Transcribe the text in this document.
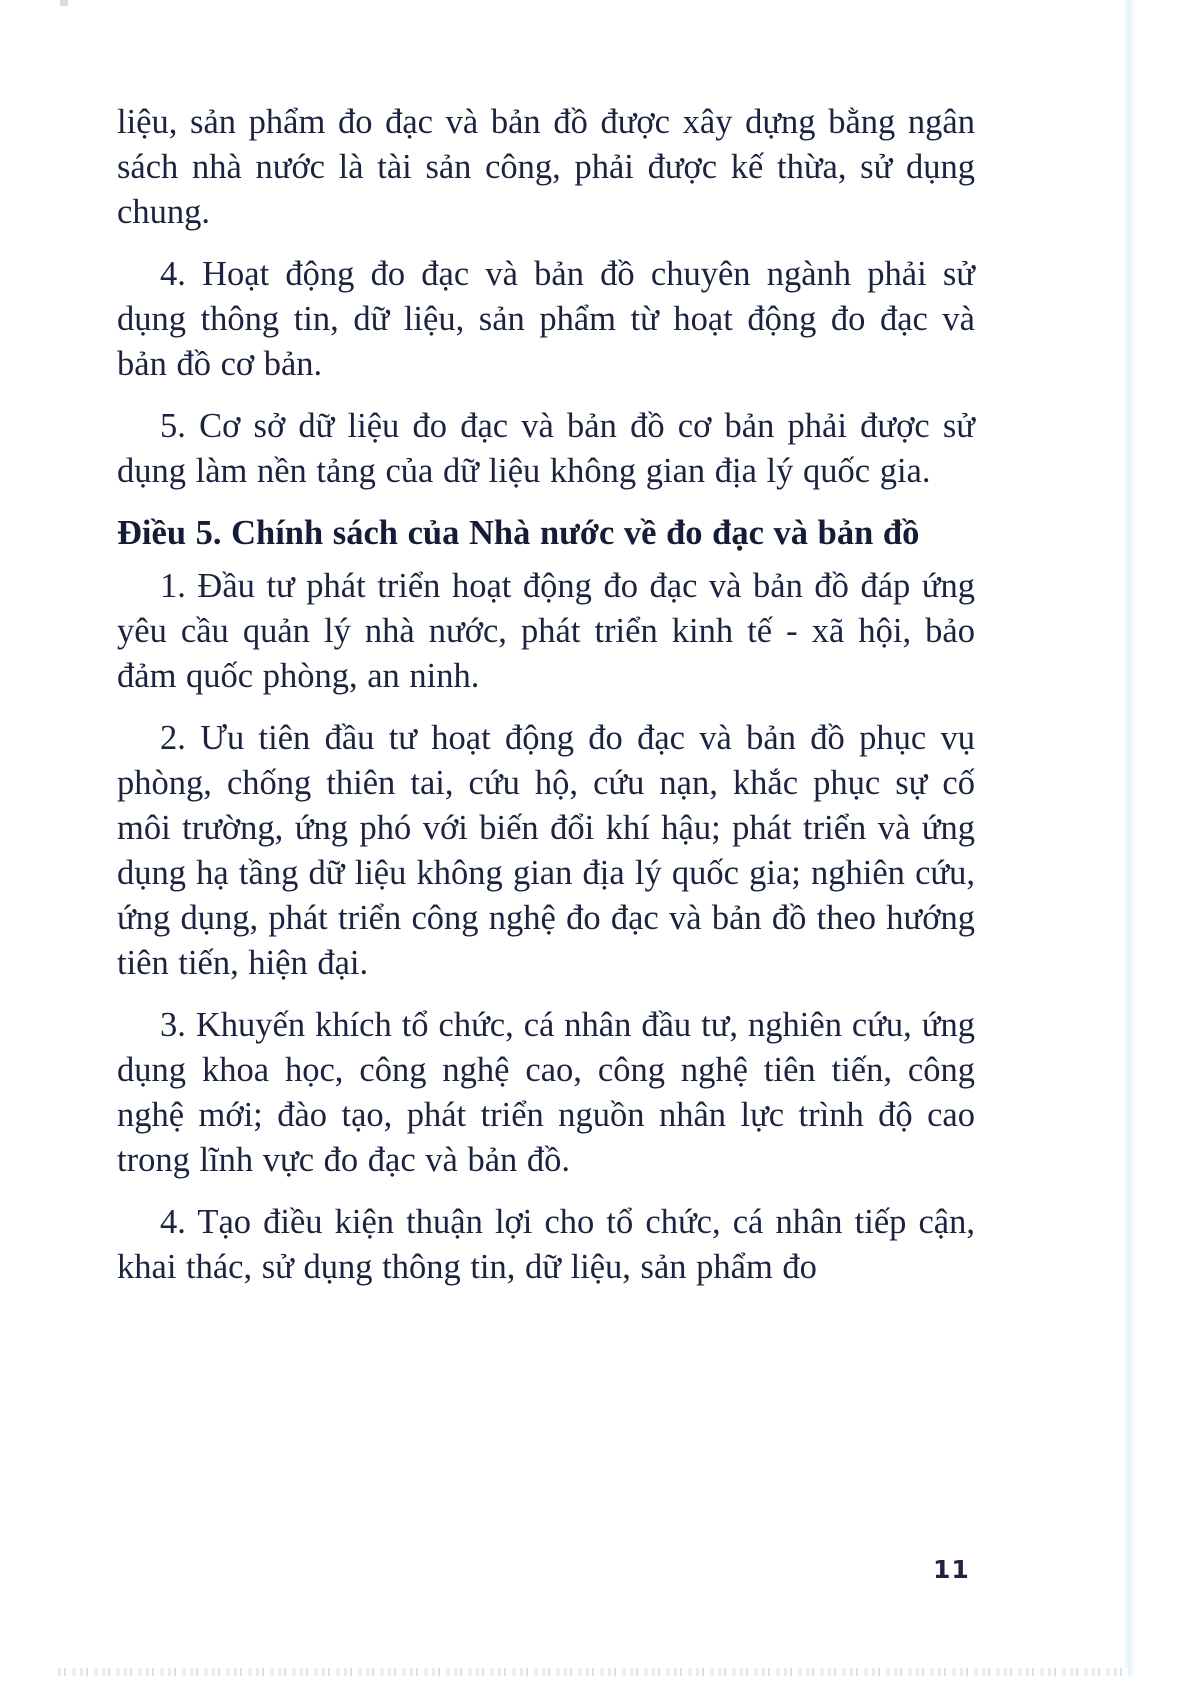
liệu, sản phẩm đo đạc và bản đồ được xây dựng bằng ngân sách nhà nước là tài sản công, phải được kế thừa, sử dụng chung.

4. Hoạt động đo đạc và bản đồ chuyên ngành phải sử dụng thông tin, dữ liệu, sản phẩm từ hoạt động đo đạc và bản đồ cơ bản.

5. Cơ sở dữ liệu đo đạc và bản đồ cơ bản phải được sử dụng làm nền tảng của dữ liệu không gian địa lý quốc gia.

Điều 5. Chính sách của Nhà nước về đo đạc và bản đồ

1. Đầu tư phát triển hoạt động đo đạc và bản đồ đáp ứng yêu cầu quản lý nhà nước, phát triển kinh tế - xã hội, bảo đảm quốc phòng, an ninh.

2. Ưu tiên đầu tư hoạt động đo đạc và bản đồ phục vụ phòng, chống thiên tai, cứu hộ, cứu nạn, khắc phục sự cố môi trường, ứng phó với biến đổi khí hậu; phát triển và ứng dụng hạ tầng dữ liệu không gian địa lý quốc gia; nghiên cứu, ứng dụng, phát triển công nghệ đo đạc và bản đồ theo hướng tiên tiến, hiện đại.

3. Khuyến khích tổ chức, cá nhân đầu tư, nghiên cứu, ứng dụng khoa học, công nghệ cao, công nghệ tiên tiến, công nghệ mới; đào tạo, phát triển nguồn nhân lực trình độ cao trong lĩnh vực đo đạc và bản đồ.

4. Tạo điều kiện thuận lợi cho tổ chức, cá nhân tiếp cận, khai thác, sử dụng thông tin, dữ liệu, sản phẩm đo

11
